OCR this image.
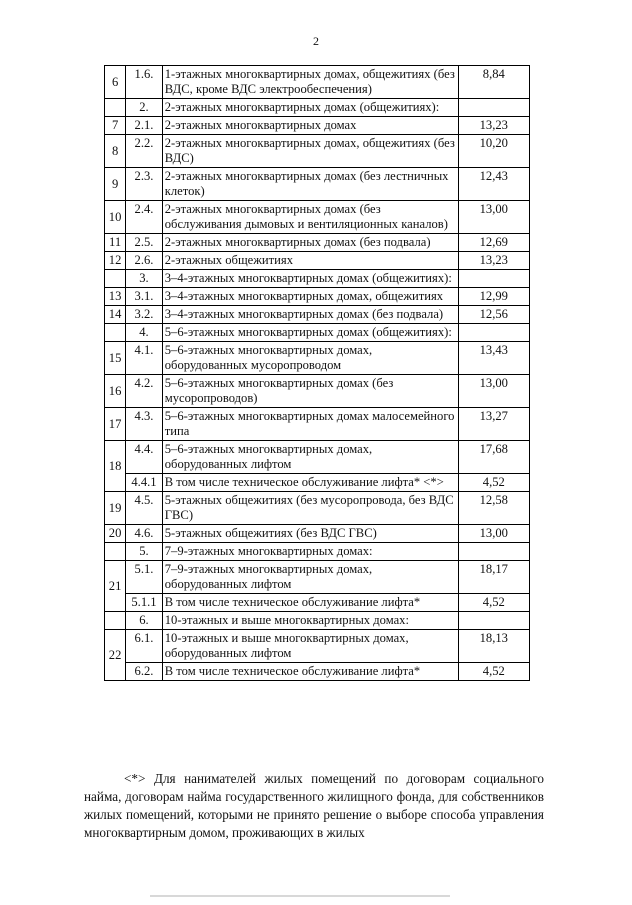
2
6	1.6.	1-этажных многоквартирных домах, общежитиях (без ВДС, кроме ВДС электрообеспечения)	8,84
	2.	2-этажных многоквартирных домах (общежитиях):	
7	2.1.	2-этажных многоквартирных домах	13,23
8	2.2.	2-этажных многоквартирных домах, общежитиях (без ВДС)	10,20
9	2.3.	2-этажных многоквартирных домах (без лестничных клеток)	12,43
10	2.4.	2-этажных многоквартирных домах (без обслуживания дымовых и вентиляционных каналов)	13,00
11	2.5.	2-этажных многоквартирных домах (без подвала)	12,69
12	2.6.	2-этажных общежитиях	13,23
	3.	3–4-этажных многоквартирных домах (общежитиях):	
13	3.1.	3–4-этажных многоквартирных домах, общежитиях	12,99
14	3.2.	3–4-этажных многоквартирных домах (без подвала)	12,56
	4.	5–6-этажных многоквартирных домах (общежитиях):	
15	4.1.	5–6-этажных многоквартирных домах, оборудованных мусоропроводом	13,43
16	4.2.	5–6-этажных многоквартирных домах (без мусоропроводов)	13,00
17	4.3.	5–6-этажных многоквартирных домах малосемейного типа	13,27
18	4.4.	5–6-этажных многоквартирных домах, оборудованных лифтом	17,68
	4.4.1	В том числе техническое обслуживание лифта* <*>	4,52
19	4.5.	5-этажных общежитиях (без мусоропровода, без ВДС ГВС)	12,58
20	4.6.	5-этажных общежитиях (без ВДС ГВС)	13,00
	5.	7–9-этажных многоквартирных домах:	
21	5.1.	7–9-этажных многоквартирных домах, оборудованных лифтом	18,17
	5.1.1	В том числе техническое обслуживание лифта*	4,52
	6.	10-этажных и выше многоквартирных домах:	
22	6.1.	10-этажных и выше многоквартирных домах, оборудованных лифтом	18,13
	6.2.	В том числе техническое обслуживание лифта*	4,52
<*> Для нанимателей жилых помещений по договорам социального найма, договорам найма государственного жилищного фонда, для собственников жилых помещений, которыми не принято решение о выборе способа управления многоквартирным домом, проживающих в жилых
